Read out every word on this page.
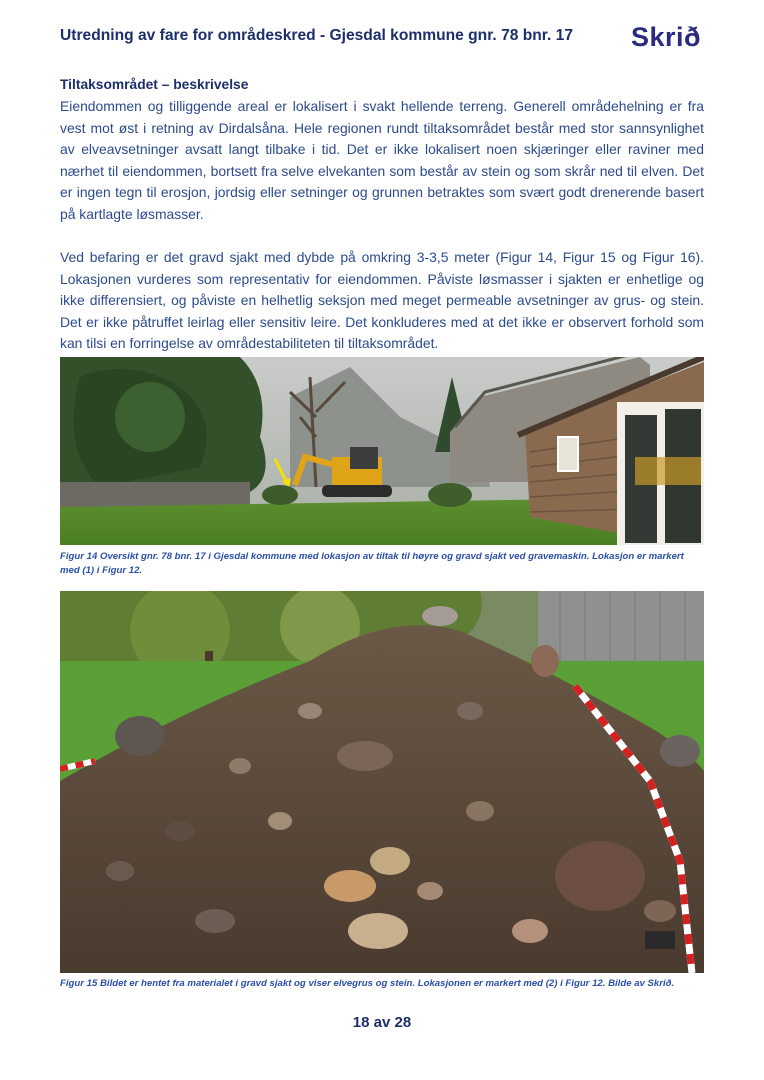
Utredning av fare for områdeskred - Gjesdal kommune gnr. 78 bnr. 17 Skrið
Tiltaksområdet – beskrivelse

Eiendommen og tilliggende areal er lokalisert i svakt hellende terreng. Generell områdehelning er fra vest mot øst i retning av Dirdalsåna. Hele regionen rundt tiltaksområdet består med stor sannsynlighet av elveavsetninger avsatt langt tilbake i tid. Det er ikke lokalisert noen skjæringer eller raviner med nærhet til eiendommen, bortsett fra selve elvekanten som består av stein og som skrår ned til elven. Det er ingen tegn til erosjon, jordsig eller setninger og grunnen betraktes som svært godt drenerende basert på kartlagte løsmasser.

Ved befaring er det gravd sjakt med dybde på omkring 3-3,5 meter (Figur 14, Figur 15 og Figur 16). Lokasjonen vurderes som representativ for eiendommen. Påviste løsmasser i sjakten er enhetlige og ikke differensiert, og påviste en helhetlig seksjon med meget permeable avsetninger av grus- og stein. Det er ikke påtruffet leirlag eller sensitiv leire. Det konkluderes med at det ikke er observert forhold som kan tilsi en forringelse av områdestabiliteten til tiltaksområdet.

Figur 14 Oversikt gnr. 78 bnr. 17 i Gjesdal kommune med lokasjon av tiltak til høyre og gravd sjakt ved gravemaskin. Lokasjon er markert med (1) i Figur 12.
Figur 15 Bildet er hentet fra materialet i gravd sjakt og viser elvegrus og stein. Lokasjonen er markert med (2) i Figur 12. Bilde av Skrið.
18 av 28
